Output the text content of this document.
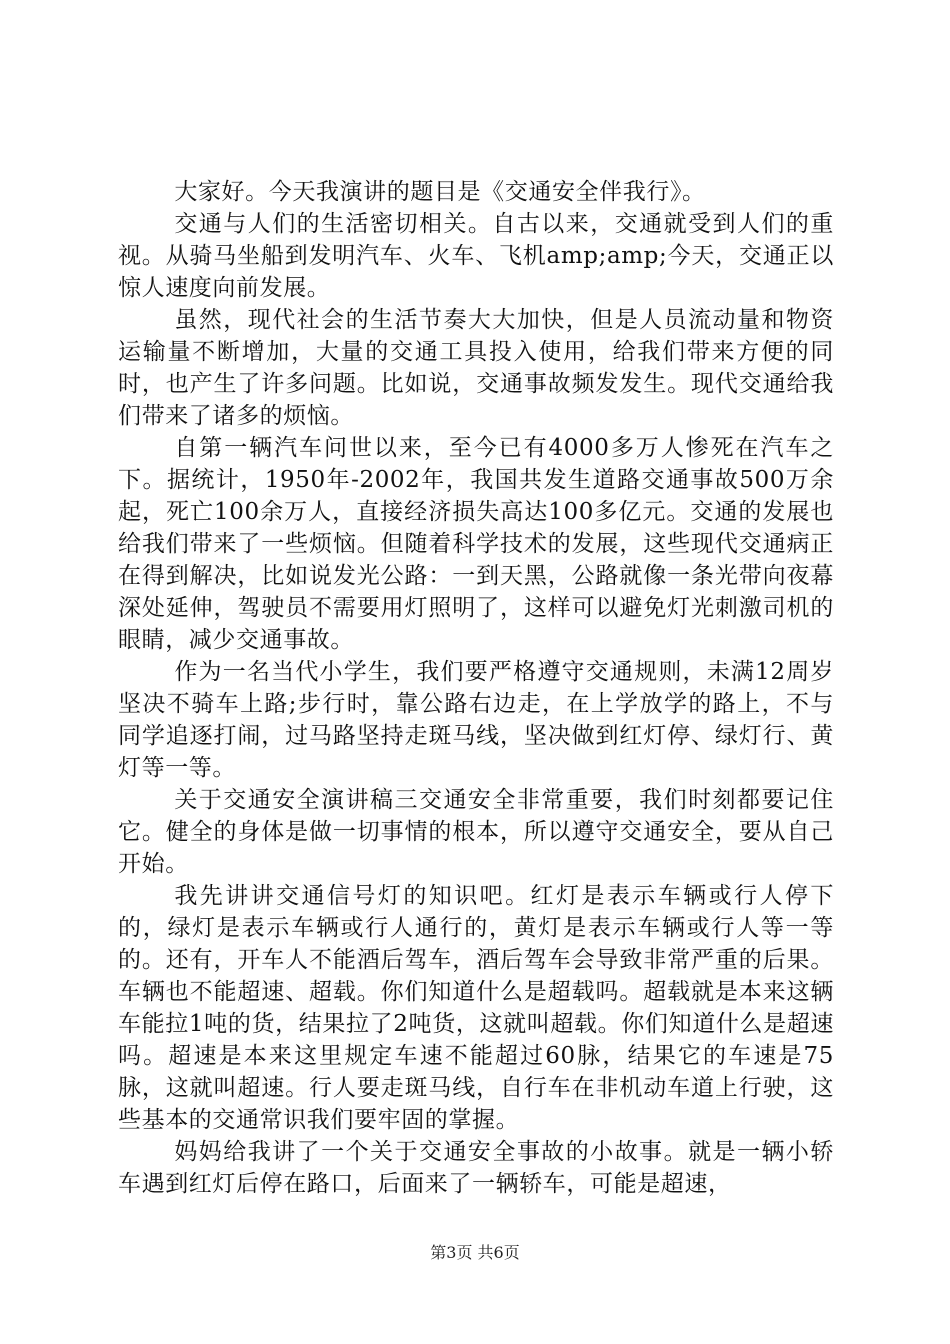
大家好。今天我演讲的题目是《交通安全伴我行》。

交通与人们的生活密切相关。自古以来，交通就受到人们的重视。从骑马坐船到发明汽车、火车、飞机amp;amp;今天，交通正以惊人速度向前发展。

虽然，现代社会的生活节奏大大加快，但是人员流动量和物资运输量不断增加，大量的交通工具投入使用，给我们带来方便的同时，也产生了许多问题。比如说，交通事故频发发生。现代交通给我们带来了诸多的烦恼。

自第一辆汽车问世以来，至今已有4000多万人惨死在汽车之下。据统计，1950年-2002年，我国共发生道路交通事故500万余起，死亡100余万人，直接经济损失高达100多亿元。交通的发展也给我们带来了一些烦恼。但随着科学技术的发展，这些现代交通病正在得到解决，比如说发光公路：一到天黑，公路就像一条光带向夜幕深处延伸，驾驶员不需要用灯照明了，这样可以避免灯光刺激司机的眼睛，减少交通事故。

作为一名当代小学生，我们要严格遵守交通规则，未满12周岁坚决不骑车上路;步行时，靠公路右边走，在上学放学的路上，不与同学追逐打闹，过马路坚持走斑马线，坚决做到红灯停、绿灯行、黄灯等一等。

关于交通安全演讲稿三交通安全非常重要，我们时刻都要记住它。健全的身体是做一切事情的根本，所以遵守交通安全，要从自己开始。

我先讲讲交通信号灯的知识吧。红灯是表示车辆或行人停下的，绿灯是表示车辆或行人通行的，黄灯是表示车辆或行人等一等的。还有，开车人不能酒后驾车，酒后驾车会导致非常严重的后果。车辆也不能超速、超载。你们知道什么是超载吗。超载就是本来这辆车能拉1吨的货，结果拉了2吨货，这就叫超载。你们知道什么是超速吗。超速是本来这里规定车速不能超过60脉，结果它的车速是75脉，这就叫超速。行人要走斑马线，自行车在非机动车道上行驶，这些基本的交通常识我们要牢固的掌握。

妈妈给我讲了一个关于交通安全事故的小故事。就是一辆小轿车遇到红灯后停在路口，后面来了一辆轿车，可能是超速，

第3页 共6页
